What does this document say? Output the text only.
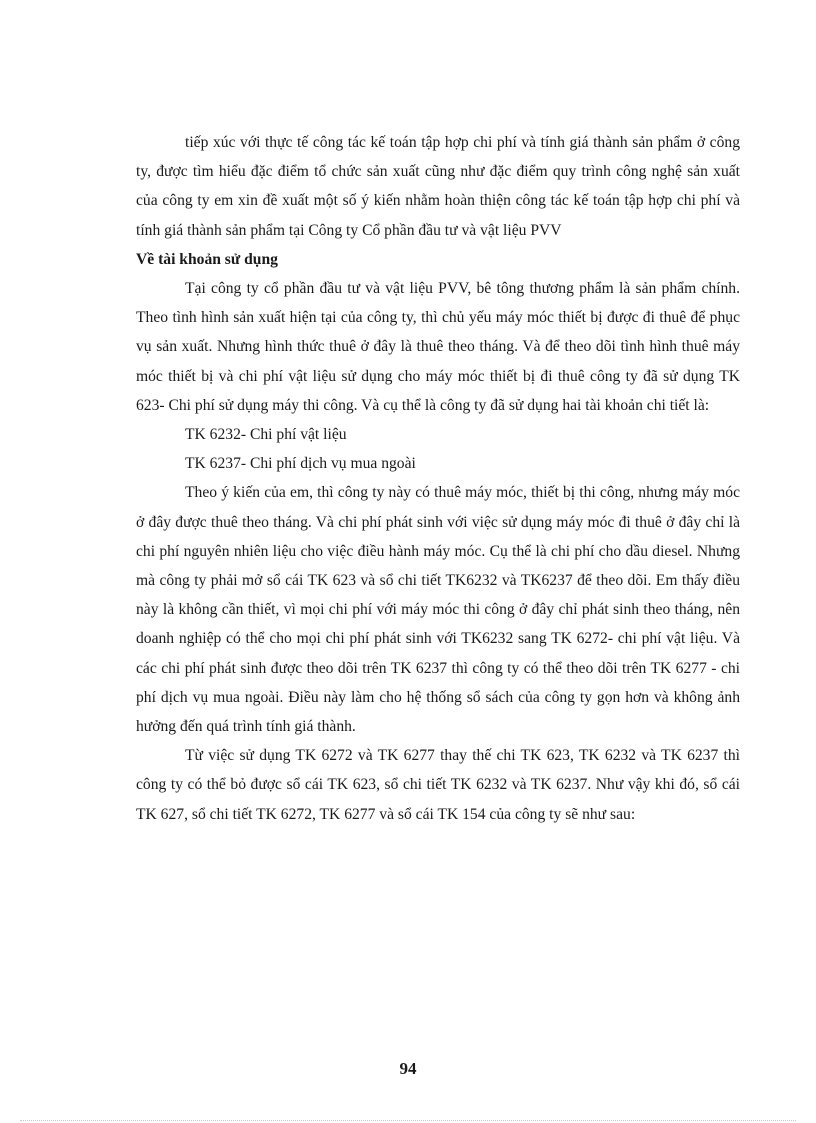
tiếp xúc với thực tế công tác kế toán tập hợp chi phí và tính giá thành sản phẩm ở công ty, được tìm hiểu đặc điểm tổ chức sản xuất cũng như đặc điểm quy trình công nghệ sản xuất của công ty em xin đề xuất một số ý kiến nhằm hoàn thiện công tác kế toán tập hợp chi phí và tính giá thành sản phẩm tại Công ty Cổ phần đầu tư và vật liệu PVV

Về tài khoản sử dụng

Tại công ty cổ phần đầu tư và vật liệu PVV, bê tông thương phẩm là sản phẩm chính. Theo tình hình sản xuất hiện tại của công ty, thì chủ yếu máy móc thiết bị được đi thuê để phục vụ sản xuất. Nhưng hình thức thuê ở đây là thuê theo tháng. Và để theo dõi tình hình thuê máy móc thiết bị và chi phí vật liệu sử dụng cho máy móc thiết bị đi thuê công ty đã sử dụng TK 623- Chi phí sử dụng máy thi công. Và cụ thể là công ty đã sử dụng hai tài khoản chi tiết là:

TK 6232- Chi phí vật liệu

TK 6237- Chi phí dịch vụ mua ngoài

Theo ý kiến của em, thì công ty này có thuê máy móc, thiết bị thi công, nhưng máy móc ở đây được thuê theo tháng. Và chi phí phát sinh với việc sử dụng máy móc đi thuê ở đây chỉ là chi phí nguyên nhiên liệu cho việc điều hành máy móc. Cụ thể là chi phí cho dầu diesel. Nhưng mà công ty phải mở sổ cái TK 623 và sổ chi tiết TK6232 và TK6237 để theo dõi. Em thấy điều này là không cần thiết, vì mọi chi phí với máy móc thi công ở đây chỉ phát sinh theo tháng, nên doanh nghiệp có thể cho mọi chi phí phát sinh với TK6232 sang TK 6272- chi phí vật liệu. Và các chi phí phát sinh được theo dõi trên TK 6237 thì công ty có thể theo dõi trên TK 6277 - chi phí dịch vụ mua ngoài. Điều này làm cho hệ thống sổ sách của công ty gọn hơn và không ảnh hưởng đến quá trình tính giá thành.

Từ việc sử dụng TK 6272 và TK 6277 thay thế chi TK 623, TK 6232 và TK 6237 thì công ty có thể bỏ được sổ cái TK 623, sổ chi tiết TK 6232 và TK 6237. Như vậy khi đó, sổ cái TK 627, sổ chi tiết TK 6272, TK 6277 và sổ cái TK 154 của công ty sẽ như sau:

94
